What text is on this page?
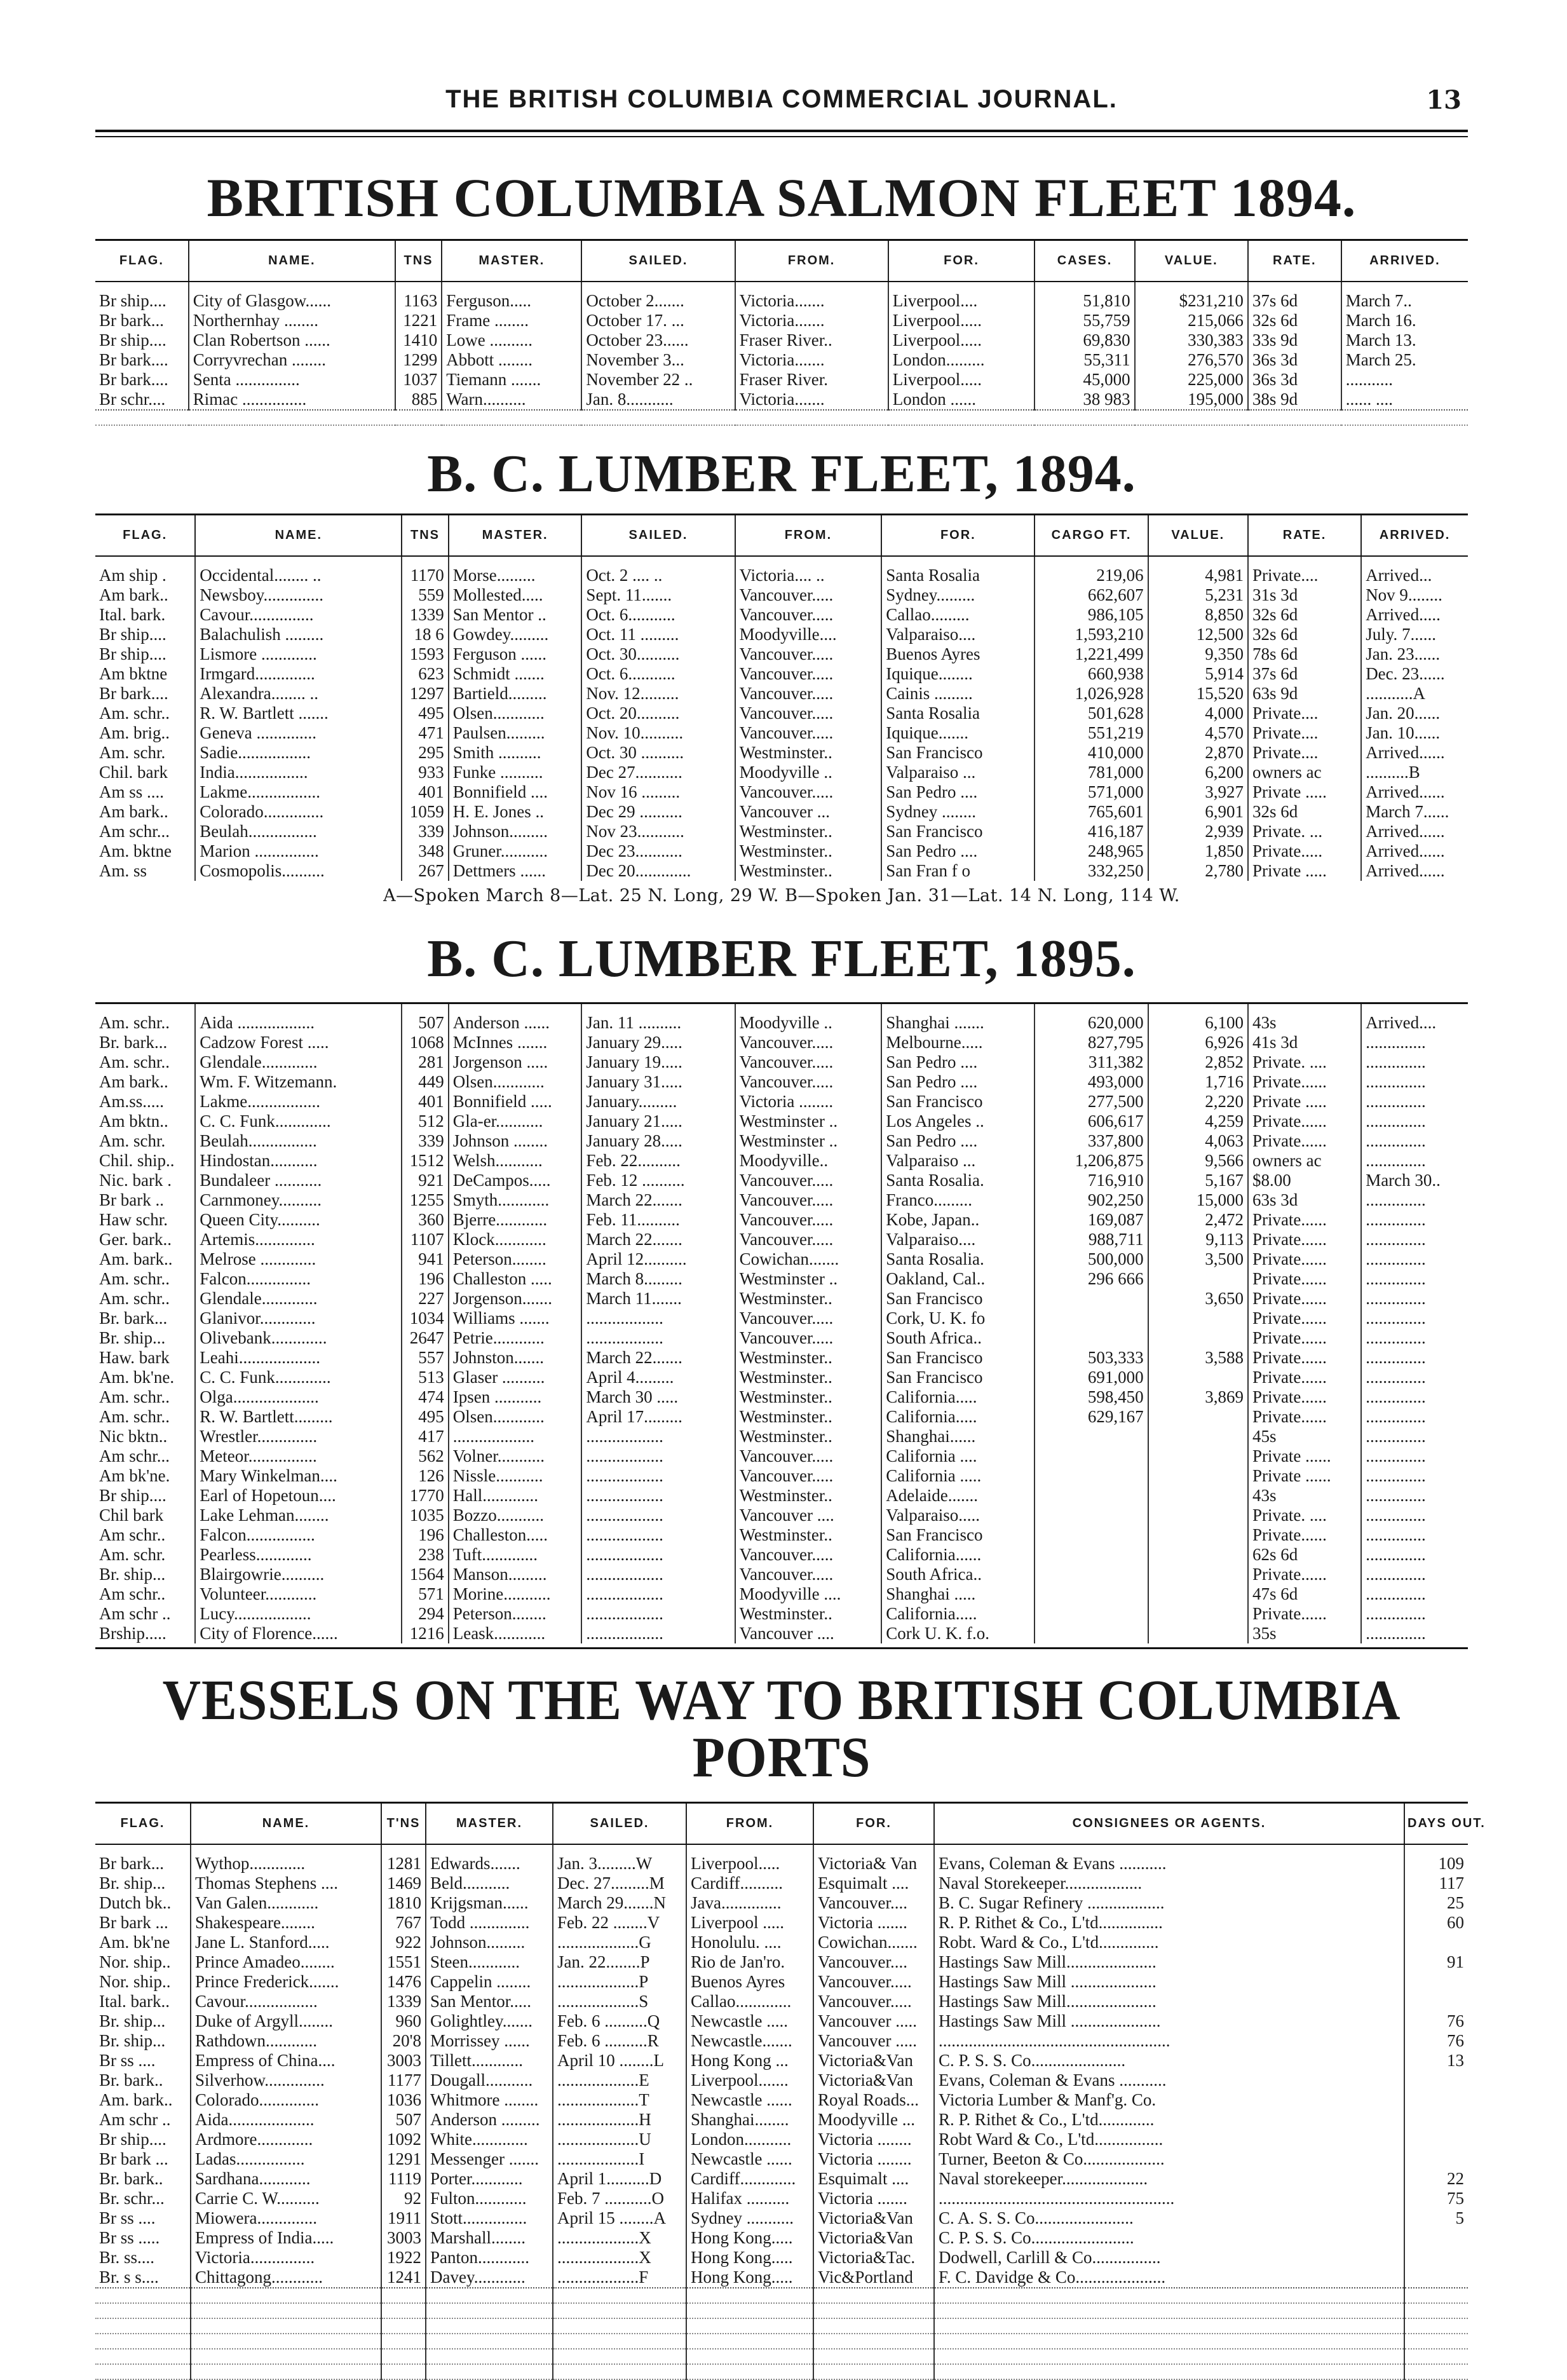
THE BRITISH COLUMBIA COMMERCIAL JOURNAL.	13
BRITISH COLUMBIA SALMON FLEET 1894.
FLAG.	NAME.	TNS	MASTER.	SAILED.	FROM.	FOR.	CASES.	VALUE.	RATE.	ARRIVED.
Br ship....	City of Glasgow......	1163	Ferguson.....	October 2.......	Victoria.......	Liverpool....	51,810	$231,210	37s 6d	March 7..
Br bark...	Northernhay ........	1221	Frame ........	October 17. ...	Victoria.......	Liverpool.....	55,759	215,066	32s 6d	March 16.
Br ship....	Clan Robertson ......	1410	Lowe ..........	October 23......	Fraser River..	Liverpool.....	69,830	330,383	33s 9d	March 13.
Br bark....	Corryvrechan ........	1299	Abbott ........	November 3...	Victoria.......	London.........	55,311	276,570	36s 3d	March 25.
Br bark....	Senta ...............	1037	Tiemann .......	November 22 ..	Fraser River.	Liverpool.....	45,000	225,000	36s 3d	...........
Br schr....	Rimac ...............	885	Warn..........	Jan. 8...........	Victoria.......	London ......	38 983	195,000	38s 9d	...... ....

B. C. LUMBER FLEET, 1894.
FLAG.	NAME.	TNS	MASTER.	SAILED.	FROM.	FOR.	CARGO FT.	VALUE.	RATE.	ARRIVED.
Am ship .	Occidental........ ..	1170	Morse.........	Oct. 2 .... ..	Victoria.... ..	Santa Rosalia	219,06	4,981	Private....	Arrived...
Am bark..	Newsboy..............	559	Mollested.....	Sept. 11.......	Vancouver.....	Sydney.........	662,607	5,231	31s 3d	Nov 9........
Ital. bark.	Cavour...............	1339	San Mentor ..	Oct. 6...........	Vancouver.....	Callao.........	986,105	8,850	32s 6d	Arrived.....
Br ship....	Balachulish .........	18 6	Gowdey.........	Oct. 11 .........	Moodyville....	Valparaiso....	1,593,210	12,500	32s 6d	July. 7......
Br ship....	Lismore .............	1593	Ferguson ......	Oct. 30..........	Vancouver.....	Buenos Ayres	1,221,499	9,350	78s 6d	Jan. 23......
Am bktne	Irmgard..............	623	Schmidt .......	Oct. 6...........	Vancouver.....	Iquique........	660,938	5,914	37s 6d	Dec. 23......
Br bark....	Alexandra........ ..	1297	Bartield.........	Nov. 12.........	Vancouver.....	Cainis .........	1,026,928	15,520	63s 9d	...........A
Am. schr..	R. W. Bartlett .......	495	Olsen............	Oct. 20..........	Vancouver.....	Santa Rosalia	501,628	4,000	Private....	Jan. 20......
Am. brig..	Geneva ..............	471	Paulsen.........	Nov. 10..........	Vancouver.....	Iquique.......	551,219	4,570	Private....	Jan. 10......
Am. schr.	Sadie.................	295	Smith ..........	Oct. 30 ..........	Westminster..	San Francisco	410,000	2,870	Private....	Arrived......
Chil. bark	India.................	933	Funke ..........	Dec 27...........	Moodyville ..	Valparaiso ...	781,000	6,200	owners ac	..........B
Am ss ....	Lakme.................	401	Bonnifield ....	Nov 16 .........	Vancouver.....	San Pedro ....	571,000	3,927	Private .....	Arrived......
Am bark..	Colorado..............	1059	H. E. Jones ..	Dec 29 ..........	Vancouver ...	Sydney ........	765,601	6,901	32s 6d	March 7......
Am schr...	Beulah................	339	Johnson.........	Nov 23...........	Westminster..	San Francisco	416,187	2,939	Private. ...	Arrived......
Am. bktne	Marion ...............	348	Gruner...........	Dec 23...........	Westminster..	San Pedro ....	248,965	1,850	Private.....	Arrived......
Am. ss	Cosmopolis..........	267	Dettmers ......	Dec 20.............	Westminster..	San Fran f o	332,250	2,780	Private .....	Arrived......
A—Spoken March 8—Lat. 25 N. Long, 29 W. B—Spoken Jan. 31—Lat. 14 N. Long, 114 W.
B. C. LUMBER FLEET, 1895.
Am. schr..	Aida ..................	507	Anderson ......	Jan. 11 ..........	Moodyville ..	Shanghai .......	620,000	6,100	43s	Arrived....
Br. bark...	Cadzow Forest .....	1068	McInnes .......	January 29.....	Vancouver.....	Melbourne.....	827,795	6,926	41s 3d	..............
Am. schr..	Glendale.............	281	Jorgenson .....	January 19.....	Vancouver.....	San Pedro ....	311,382	2,852	Private. ....	..............
Am bark..	Wm. F. Witzemann.	449	Olsen............	January 31.....	Vancouver.....	San Pedro ....	493,000	1,716	Private......	..............
Am.ss.....	Lakme.................	401	Bonnifield .....	January.........	Victoria ........	San Francisco	277,500	2,220	Private .....	..............
Am bktn..	C. C. Funk.............	512	Gla-er...........	January 21.....	Westminster ..	Los Angeles ..	606,617	4,259	Private......	..............
Am. schr.	Beulah................	339	Johnson ........	January 28.....	Westminster ..	San Pedro ....	337,800	4,063	Private......	..............
Chil. ship..	Hindostan...........	1512	Welsh...........	Feb. 22..........	Moodyville..	Valparaiso ...	1,206,875	9,566	owners ac	..............
Nic. bark .	Bundaleer ...........	921	DeCampos.....	Feb. 12 ..........	Vancouver.....	Santa Rosalia.	716,910	5,167	$8.00	March 30..
Br bark ..	Carnmoney..........	1255	Smyth............	March 22.......	Vancouver.....	Franco.........	902,250	15,000	63s 3d	..............
Haw schr.	Queen City..........	360	Bjerre............	Feb. 11..........	Vancouver.....	Kobe, Japan..	169,087	2,472	Private......	..............
Ger. bark..	Artemis..............	1107	Klock............	March 22.......	Vancouver.....	Valparaiso....	988,711	9,113	Private......	..............
Am. bark..	Melrose .............	941	Peterson........	April 12..........	Cowichan.......	Santa Rosalia.	500,000	3,500	Private......	..............
Am. schr..	Falcon...............	196	Challeston .....	March 8.........	Westminster ..	Oakland, Cal..	296 666		Private......	..............
Am. schr..	Glendale.............	227	Jorgenson.......	March 11.......	Westminster..	San Francisco		3,650	Private......	..............
Br. bark...	Glanivor.............	1034	Williams .......	..................	Vancouver.....	Cork, U. K. fo			Private......	..............
Br. ship...	Olivebank.............	2647	Petrie............	..................	Vancouver.....	South Africa..			Private......	..............
Haw. bark	Leahi...................	557	Johnston.......	March 22.......	Westminster..	San Francisco	503,333	3,588	Private......	..............
Am. bk'ne.	C. C. Funk.............	513	Glaser ..........	April 4.........	Westminster..	San Francisco	691,000		Private......	..............
Am. schr..	Olga....................	474	Ipsen ...........	March 30 .....	Westminster..	California.....	598,450	3,869	Private......	..............
Am. schr..	R. W. Bartlett.........	495	Olsen............	April 17.........	Westminster..	California.....	629,167		Private......	..............
Nic bktn..	Wrestler..............	417	...................	..................	Westminster..	Shanghai......			45s	..............
Am schr...	Meteor................	562	Volner...........	..................	Vancouver.....	California ....			Private ......	..............
Am bk'ne.	Mary Winkelman....	126	Nissle...........	..................	Vancouver.....	California .....			Private ......	..............
Br ship....	Earl of Hopetoun....	1770	Hall.............	..................	Westminster..	Adelaide.......			43s	..............
Chil bark	Lake Lehman........	1035	Bozzo...........	..................	Vancouver ....	Valparaiso.....			Private. ....	..............
Am schr..	Falcon................	196	Challeston.....	..................	Westminster..	San Francisco			Private......	..............
Am. schr.	Pearless.............	238	Tuft.............	..................	Vancouver.....	California......			62s 6d	..............
Br. ship...	Blairgowrie..........	1564	Manson.........	..................	Vancouver.....	South Africa..			Private......	..............
Am schr..	Volunteer............	571	Morine...........	..................	Moodyville ....	Shanghai .....			47s 6d	..............
Am schr ..	Lucy..................	294	Peterson........	..................	Westminster..	California.....			Private......	..............
Brship.....	City of Florence......	1216	Leask............	..................	Vancouver ....	Cork U. K. f.o.			35s	..............
VESSELS ON THE WAY TO BRITISH COLUMBIA PORTS
FLAG.	NAME.	T'NS	MASTER.	SAILED.	FROM.	FOR.	CONSIGNEES OR AGENTS.	DAYS OUT.
Br bark...	Wythop.............	1281	Edwards.......	Jan. 3.........W	Liverpool.....	Victoria& Van	Evans, Coleman & Evans ...........	109
Br. ship...	Thomas Stephens ....	1469	Beld...........	Dec. 27.........M	Cardiff..........	Esquimalt ....	Naval Storekeeper..................	117
Dutch bk..	Van Galen............	1810	Krijgsman......	March 29.......N	Java..............	Vancouver....	B. C. Sugar Refinery ..................	25
Br bark ...	Shakespeare........	767	Todd ..............	Feb. 22 ........V	Liverpool .....	Victoria .......	R. P. Rithet & Co., L'td...............	60
Am. bk'ne	Jane L. Stanford.....	922	Johnson.........	...................G	Honolulu. ....	Cowichan.......	Robt. Ward & Co., L'td..............	
Nor. ship..	Prince Amadeo........	1551	Steen............	Jan. 22........P	Rio de Jan'ro.	Vancouver....	Hastings Saw Mill.....................	91
Nor. ship..	Prince Frederick.......	1476	Cappelin ........	...................P	Buenos Ayres	Vancouver.....	Hastings Saw Mill ....................	
Ital. bark..	Cavour.................	1339	San Mentor.....	...................S	Callao.............	Vancouver.....	Hastings Saw Mill.....................	
Br. ship...	Duke of Argyll........	960	Golightley.......	Feb. 6 ..........Q	Newcastle .....	Vancouver .....	Hastings Saw Mill .....................	76
Br. ship...	Rathdown............	20'8	Morrissey ......	Feb. 6 ..........R	Newcastle.......	Vancouver .....	......................................................	76
Br ss ....	Empress of China....	3003	Tillett............	April 10 ........L	Hong Kong ...	Victoria&Van	C. P. S. S. Co......................	13
Br. bark..	Silverhow..............	1177	Dougall...........	...................E	Liverpool.......	Victoria&Van	Evans, Coleman & Evans ...........	
Am. bark..	Colorado..............	1036	Whitmore ........	...................T	Newcastle ......	Royal Roads...	Victoria Lumber & Manf'g. Co.	
Am schr ..	Aida....................	507	Anderson .........	...................H	Shanghai........	Moodyville ...	R. P. Rithet & Co., L'td.............	
Br ship....	Ardmore.............	1092	White.............	...................U	London...........	Victoria ........	Robt Ward & Co., L'td................	
Br bark ...	Ladas................	1291	Messenger .......	...................I	Newcastle ......	Victoria ........	Turner, Beeton & Co...................	
Br. bark..	Sardhana............	1119	Porter............	April 1..........D	Cardiff.............	Esquimalt ....	Naval storekeeper....................	22
Br. schr...	Carrie C. W..........	92	Fulton............	Feb. 7 ...........O	Halifax ..........	Victoria .......	.......................................................	75
Br ss ....	Miowera..............	1911	Stott...............	April 15 ........A	Sydney ...........	Victoria&Van	C. A. S. S. Co.......................	5
Br ss .....	Empress of India.....	3003	Marshall........	...................X	Hong Kong.....	Victoria&Van	C. P. S. S. Co........................	
Br. ss....	Victoria...............	1922	Panton............	...................X	Hong Kong.....	Victoria&Tac.	Dodwell, Carlill & Co................	
Br. s s....	Chittagong............	1241	Davey............	...................F	Hong Kong.....	Vic&Portland	F. C. Davidge & Co.....................	
